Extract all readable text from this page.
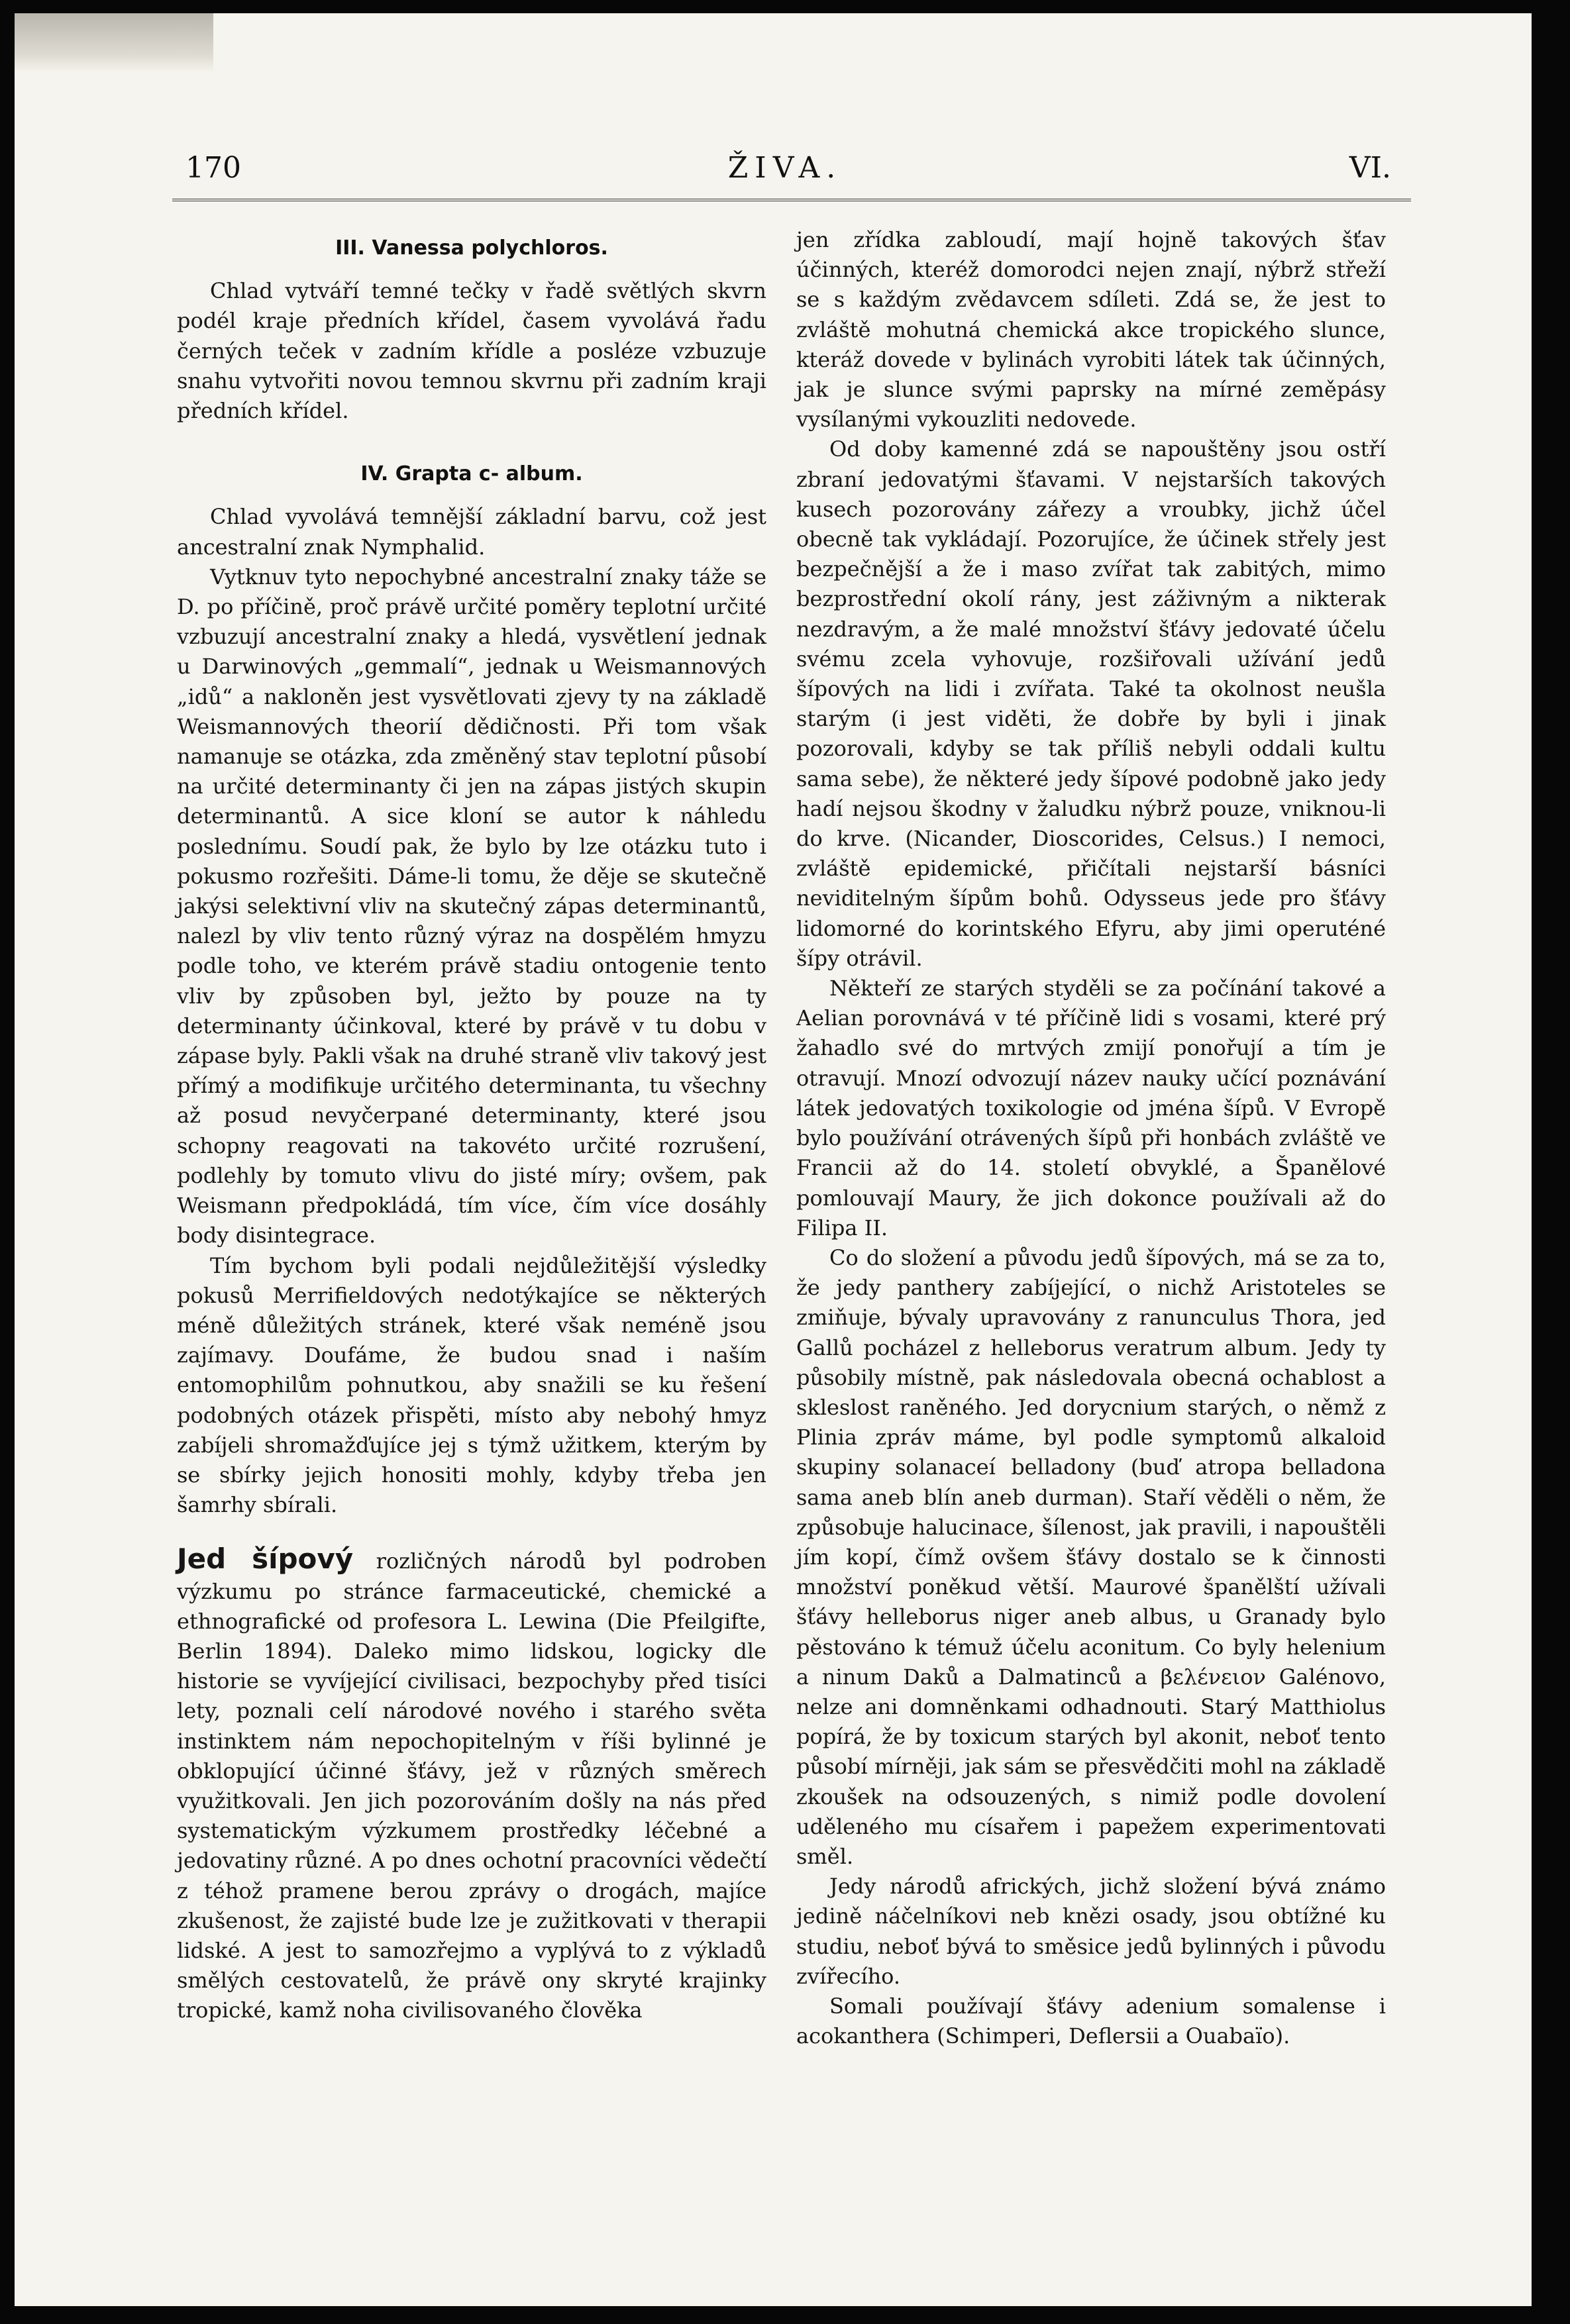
170	ŽIVA.	VI.
III. Vanessa polychloros.

Chlad vytváří temné tečky v řadě světlých skvrn podél kraje předních křídel, časem vyvolává řadu černých teček v zadním křídle a posléze vzbuzuje snahu vytvořiti novou temnou skvrnu při zadním kraji předních křídel.

IV. Grapta c- album.

Chlad vyvolává temnější základní barvu, což jest ancestralní znak Nymphalid.

Vytknuv tyto nepochybné ancestralní znaky táže se D. po příčině, proč právě určité poměry teplotní určité vzbuzují ancestralní znaky a hledá, vysvětlení jednak u Darwinových „gemmalí“, jednak u Weismannových „idů“ a nakloněn jest vysvětlovati zjevy ty na základě Weismannových theorií dědičnosti. Při tom však namanuje se otázka, zda změněný stav teplotní působí na určité determinanty či jen na zápas jistých skupin determinantů. A sice kloní se autor k náhledu poslednímu. Soudí pak, že bylo by lze otázku tuto i pokusmo rozřešiti. Dáme-li tomu, že děje se skutečně jakýsi selektivní vliv na skutečný zápas determinantů, nalezl by vliv tento různý výraz na dospělém hmyzu podle toho, ve kterém právě stadiu ontogenie tento vliv by způsoben byl, ježto by pouze na ty determinanty účinkoval, které by právě v tu dobu v zápase byly. Pakli však na druhé straně vliv takový jest přímý a modifikuje určitého determinanta, tu všechny až posud nevyčerpané determinanty, které jsou schopny reagovati na takovéto určité rozrušení, podlehly by tomuto vlivu do jisté míry; ovšem, pak Weismann předpokládá, tím více, čím více dosáhly body disintegrace.

Tím bychom byli podali nejdůležitější výsledky pokusů Merrifieldových nedotýkajíce se některých méně důležitých stránek, které však neméně jsou zajímavy. Doufáme, že budou snad i naším entomophilům pohnutkou, aby snažili se ku řešení podobných otázek přispěti, místo aby nebohý hmyz zabíjeli shromažďujíce jej s týmž užitkem, kterým by se sbírky jejich honositi mohly, kdyby třeba jen šamrhy sbírali.

Jed šípový rozličných národů byl podroben výzkumu po stránce farmaceutické, chemické a ethnografické od profesora L. Lewina (Die Pfeilgifte, Berlin 1894). Daleko mimo lidskou, logicky dle historie se vyvíjející civilisaci, bezpochyby před tisíci lety, poznali celí národové nového i starého světa instinktem nám nepochopitelným v říši bylinné je obklopující účinné šťávy, jež v různých směrech využitkovali. Jen jich pozorováním došly na nás před systematickým výzkumem prostředky léčebné a jedovatiny různé. A po dnes ochotní pracovníci vědečtí z téhož pramene berou zprávy o drogách, majíce zkušenost, že zajisté bude lze je zužitkovati v therapii lidské. A jest to samozřejmo a vyplývá to z výkladů smělých cestovatelů, že právě ony skryté krajinky tropické, kamž noha civilisovaného člověka

jen zřídka zabloudí, mají hojně takových šťav účinných, kteréž domorodci nejen znají, nýbrž střeží se s každým zvědavcem sdíleti. Zdá se, že jest to zvláště mohutná chemická akce tropického slunce, kteráž dovede v bylinách vyrobiti látek tak účinných, jak je slunce svými paprsky na mírné zeměpásy vysílanými vykouzliti nedovede.

Od doby kamenné zdá se napouštěny jsou ostří zbraní jedovatými šťavami. V nejstarších takových kusech pozorovány zářezy a vroubky, jichž účel obecně tak vykládají. Pozorujíce, že účinek střely jest bezpečnější a že i maso zvířat tak zabitých, mimo bezprostřední okolí rány, jest záživným a nikterak nezdravým, a že malé množství šťávy jedovaté účelu svému zcela vyhovuje, rozšiřovali užívání jedů šípových na lidi i zvířata. Také ta okolnost neušla starým (i jest viděti, že dobře by byli i jinak pozorovali, kdyby se tak příliš nebyli oddali kultu sama sebe), že některé jedy šípové podobně jako jedy hadí nejsou škodny v žaludku nýbrž pouze, vniknou-li do krve. (Nicander, Dioscorides, Celsus.) I nemoci, zvláště epidemické, přičítali nejstarší básníci neviditelným šípům bohů. Odysseus jede pro šťávy lidomorné do korintského Efyru, aby jimi operuténé šípy otrávil.

Někteří ze starých styděli se za počínání takové a Aelian porovnává v té příčině lidi s vosami, které prý žahadlo své do mrtvých zmijí ponořují a tím je otravují. Mnozí odvozují název nauky učící poznávání látek jedovatých toxikologie od jména šípů. V Evropě bylo používání otrávených šípů při honbách zvláště ve Francii až do 14. století obvyklé, a Španělové pomlouvají Maury, že jich dokonce používali až do Filipa II.

Co do složení a původu jedů šípových, má se za to, že jedy panthery zabíjející, o nichž Aristoteles se zmiňuje, bývaly upravovány z ranunculus Thora, jed Gallů pocházel z helleborus veratrum album. Jedy ty působily místně, pak následovala obecná ochablost a skleslost raněného. Jed dorycnium starých, o němž z Plinia zpráv máme, byl podle symptomů alkaloid skupiny solanaceí belladony (buď atropa belladona sama aneb blín aneb durman). Staří věděli o něm, že způsobuje halucinace, šílenost, jak pravili, i napouštěli jím kopí, čímž ovšem šťávy dostalo se k činnosti množství poněkud větší. Maurové španělští užívali šťávy helleborus niger aneb albus, u Granady bylo pěstováno k témuž účelu aconitum. Co byly helenium a ninum Daků a Dalmatinců a βελένειον Galénovo, nelze ani domněnkami odhadnouti. Starý Matthiolus popírá, že by toxicum starých byl akonit, neboť tento působí mírněji, jak sám se přesvědčiti mohl na základě zkoušek na odsouzených, s nimiž podle dovolení uděleného mu císařem i papežem experimentovati směl.

Jedy národů afrických, jichž složení bývá známo jedině náčelníkovi neb knězi osady, jsou obtížné ku studiu, neboť bývá to směsice jedů bylinných i původu zvířecího.

Somali používají šťávy adenium somalense i acokanthera (Schimperi, Deflersii a Ouabaïo).
